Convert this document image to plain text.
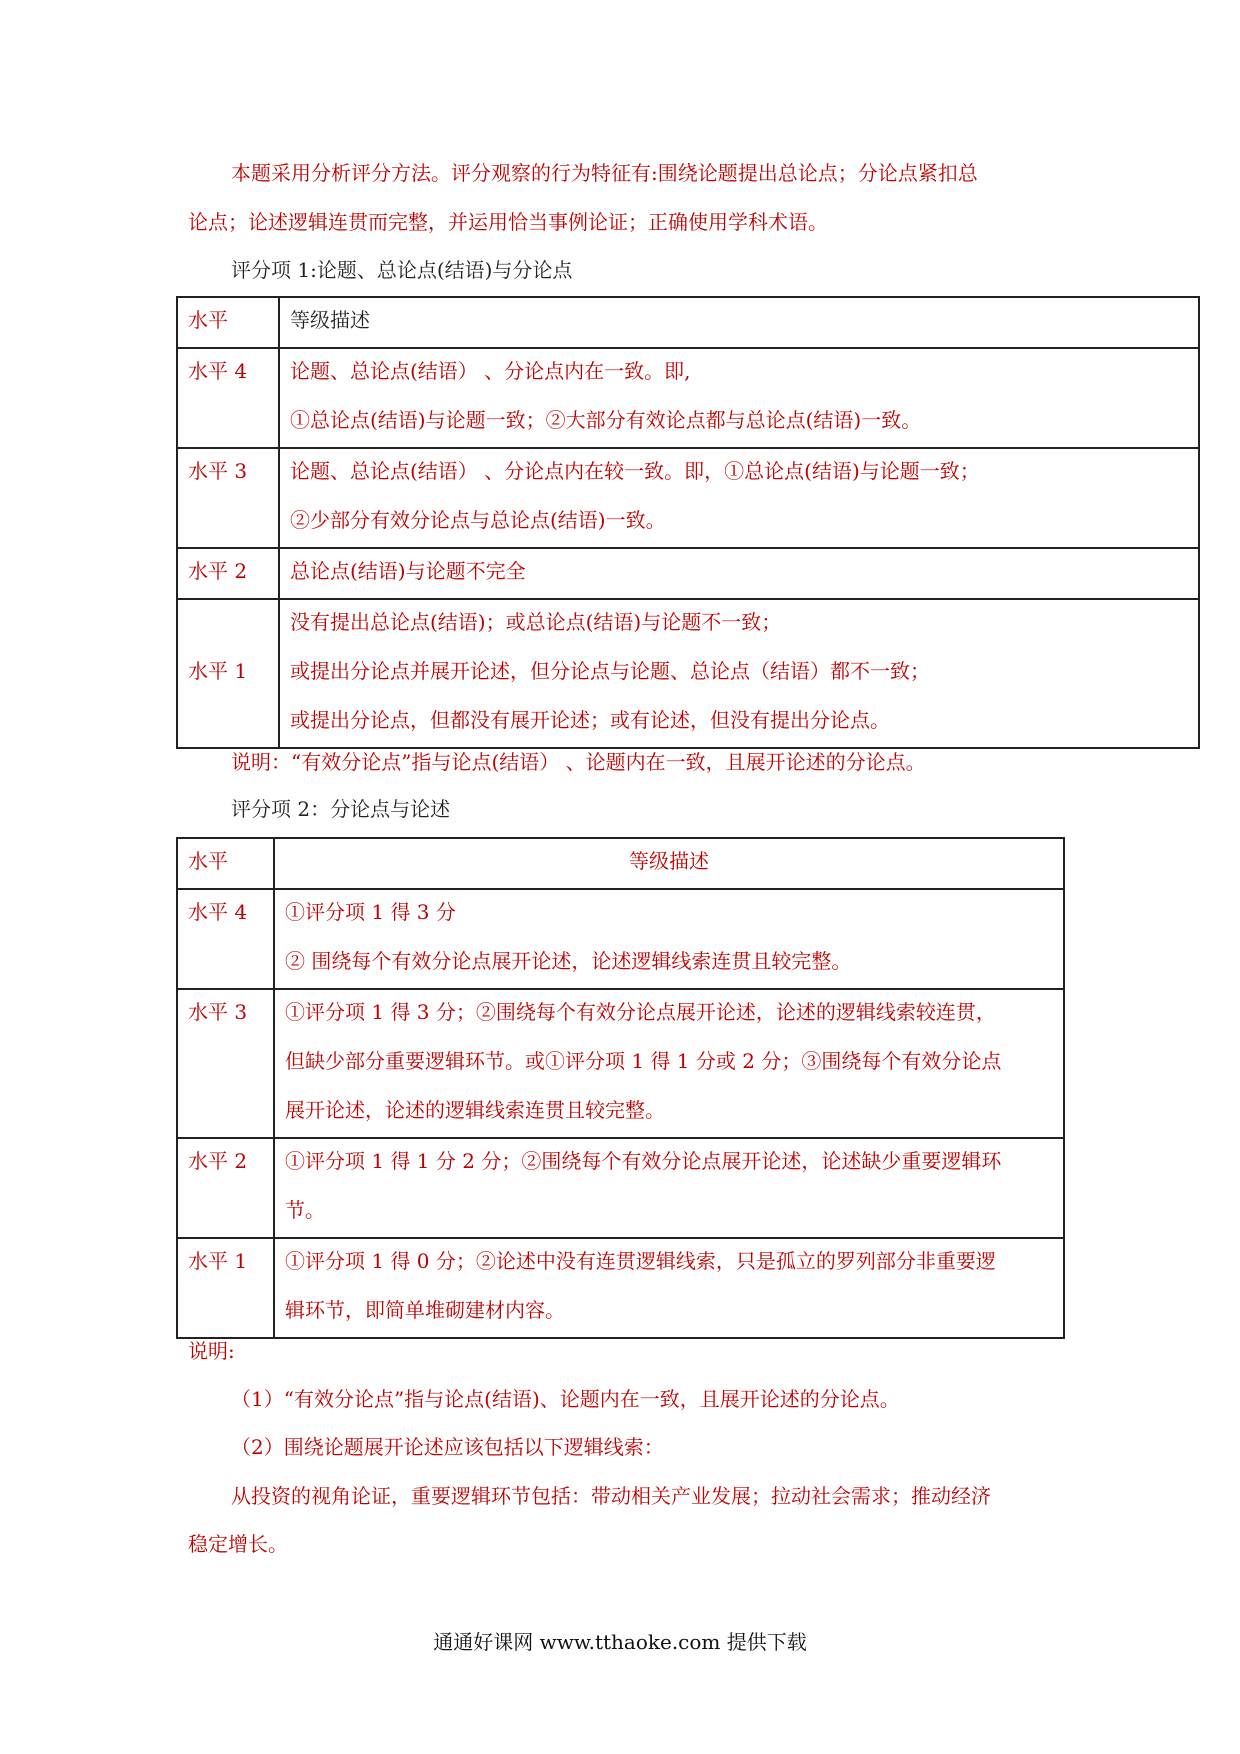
本题采用分析评分方法。评分观察的行为特征有:围绕论题提出总论点；分论点紧扣总
论点；论述逻辑连贯而完整，并运用恰当事例论证；正确使用学科术语。
评分项 1:论题、总论点(结语)与分论点
水平	等级描述

水平 4	论题、总论点(结语） 、分论点内在一致。即,
①总论点(结语)与论题一致；②大部分有效论点都与总论点(结语)一致。

水平 3	论题、总论点(结语） 、分论点内在较一致。即，①总论点(结语)与论题一致；
②少部分有效分论点与总论点(结语)一致。

水平 2	总论点(结语)与论题不完全

水平 1	没有提出总论点(结语)；或总论点(结语)与论题不一致；
或提出分论点并展开论述，但分论点与论题、总论点（结语）都不一致；
或提出分论点，但都没有展开论述；或有论述，但没有提出分论点。
说明：“有效分论点”指与论点(结语） 、论题内在一致，且展开论述的分论点。
评分项 2：分论点与论述
水平	等级描述

水平 4	①评分项 1 得 3 分
② 围绕每个有效分论点展开论述，论述逻辑线索连贯且较完整。

水平 3	①评分项 1 得 3 分；②围绕每个有效分论点展开论述，论述的逻辑线索较连贯，
但缺少部分重要逻辑环节。或①评分项 1 得 1 分或 2 分；③围绕每个有效分论点
展开论述，论述的逻辑线索连贯且较完整。

水平 2	①评分项 1 得 1 分 2 分；②围绕每个有效分论点展开论述，论述缺少重要逻辑环
节。

水平 1	①评分项 1 得 0 分；②论述中没有连贯逻辑线索，只是孤立的罗列部分非重要逻
辑环节，即简单堆砌建材内容。
说明:
（1）“有效分论点”指与论点(结语)、论题内在一致，且展开论述的分论点。
（2）围绕论题展开论述应该包括以下逻辑线索：
从投资的视角论证，重要逻辑环节包括：带动相关产业发展；拉动社会需求；推动经济
稳定增长。
通通好课网 www.tthaoke.com 提供下载
